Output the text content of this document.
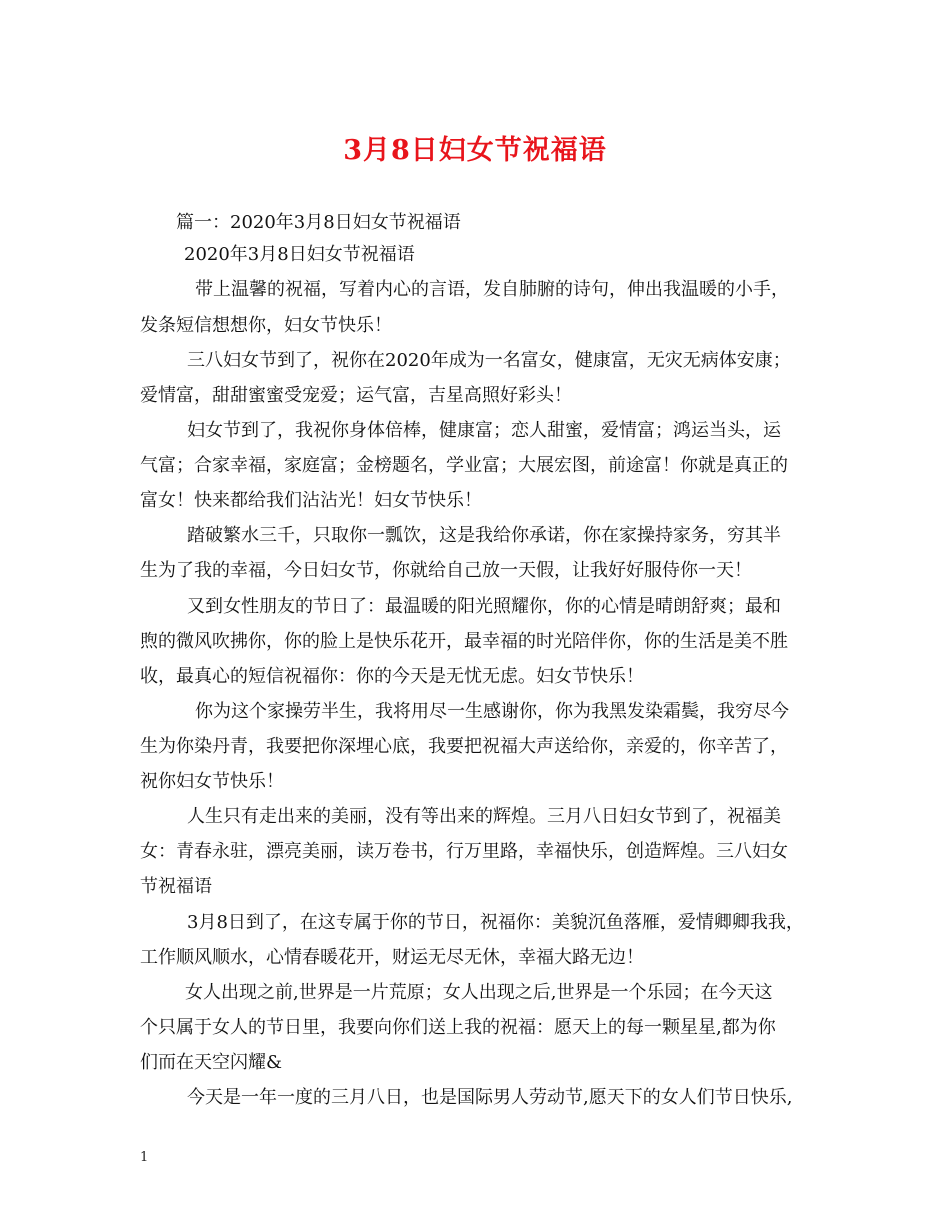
3月8日妇女节祝福语
篇一：2020年3月8日妇女节祝福语
2020年3月8日妇女节祝福语
带上温馨的祝福，写着内心的言语，发自肺腑的诗句，伸出我温暖的小手，
发条短信想想你，妇女节快乐！
三八妇女节到了，祝你在2020年成为一名富女，健康富，无灾无病体安康；
爱情富，甜甜蜜蜜受宠爱；运气富，吉星高照好彩头！
妇女节到了，我祝你身体倍棒，健康富；恋人甜蜜，爱情富；鸿运当头，运
气富；合家幸福，家庭富；金榜题名，学业富；大展宏图，前途富！你就是真正的
富女！快来都给我们沾沾光！妇女节快乐！
踏破繁水三千，只取你一瓢饮，这是我给你承诺，你在家操持家务，穷其半
生为了我的幸福，今日妇女节，你就给自己放一天假，让我好好服侍你一天！
又到女性朋友的节日了：最温暖的阳光照耀你，你的心情是晴朗舒爽；最和
煦的微风吹拂你，你的脸上是快乐花开，最幸福的时光陪伴你，你的生活是美不胜
收，最真心的短信祝福你：你的今天是无忧无虑。妇女节快乐！
你为这个家操劳半生，我将用尽一生感谢你，你为我黑发染霜鬓，我穷尽今
生为你染丹青，我要把你深埋心底，我要把祝福大声送给你，亲爱的，你辛苦了，
祝你妇女节快乐！
人生只有走出来的美丽，没有等出来的辉煌。三月八日妇女节到了，祝福美
女：青春永驻，漂亮美丽，读万卷书，行万里路，幸福快乐，创造辉煌。三八妇女
节祝福语
3月8日到了，在这专属于你的节日，祝福你：美貌沉鱼落雁，爱情卿卿我我，
工作顺风顺水，心情春暖花开，财运无尽无休，幸福大路无边！
女人出现之前,世界是一片荒原；女人出现之后,世界是一个乐园；在今天这
个只属于女人的节日里，我要向你们送上我的祝福：愿天上的每一颗星星,都为你
们而在天空闪耀&
今天是一年一度的三月八日，也是国际男人劳动节,愿天下的女人们节日快乐,
1
